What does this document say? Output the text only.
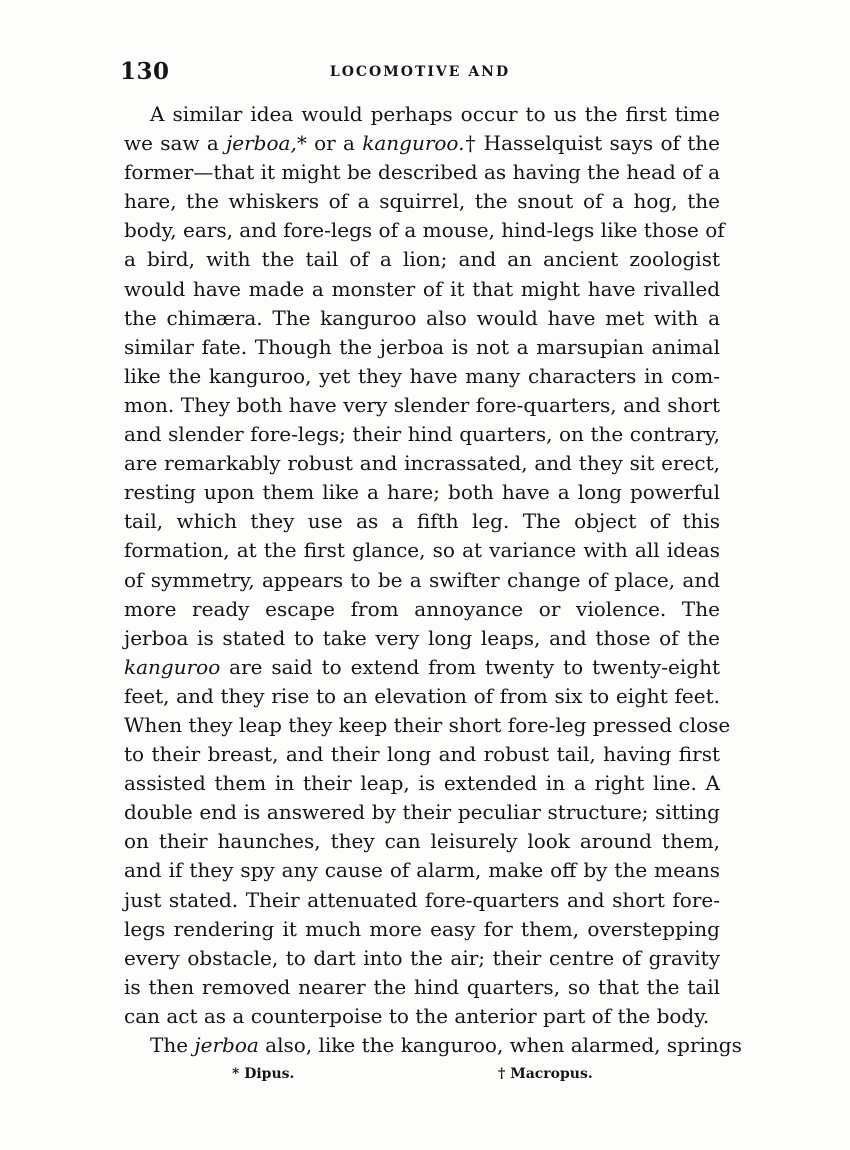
130	LOCOMOTIVE AND
A similar idea would perhaps occur to us the first time
we saw a jerboa,* or a kanguroo.† Hasselquist says of the
former—that it might be described as having the head of a
hare, the whiskers of a squirrel, the snout of a hog, the
body, ears, and fore-legs of a mouse, hind-legs like those of
a bird, with the tail of a lion; and an ancient zoologist
would have made a monster of it that might have rivalled
the chimæra. The kanguroo also would have met with a
similar fate. Though the jerboa is not a marsupian animal
like the kanguroo, yet they have many characters in com-
mon. They both have very slender fore-quarters, and short
and slender fore-legs; their hind quarters, on the contrary,
are remarkably robust and incrassated, and they sit erect,
resting upon them like a hare; both have a long powerful
tail, which they use as a fifth leg. The object of this
formation, at the first glance, so at variance with all ideas
of symmetry, appears to be a swifter change of place, and
more ready escape from annoyance or violence. The
jerboa is stated to take very long leaps, and those of the
kanguroo are said to extend from twenty to twenty-eight
feet, and they rise to an elevation of from six to eight feet.
When they leap they keep their short fore-leg pressed close
to their breast, and their long and robust tail, having first
assisted them in their leap, is extended in a right line. A
double end is answered by their peculiar structure; sitting
on their haunches, they can leisurely look around them,
and if they spy any cause of alarm, make off by the means
just stated. Their attenuated fore-quarters and short fore-
legs rendering it much more easy for them, overstepping
every obstacle, to dart into the air; their centre of gravity
is then removed nearer the hind quarters, so that the tail
can act as a counterpoise to the anterior part of the body.
The jerboa also, like the kanguroo, when alarmed, springs
* Dipus.	† Macropus.
